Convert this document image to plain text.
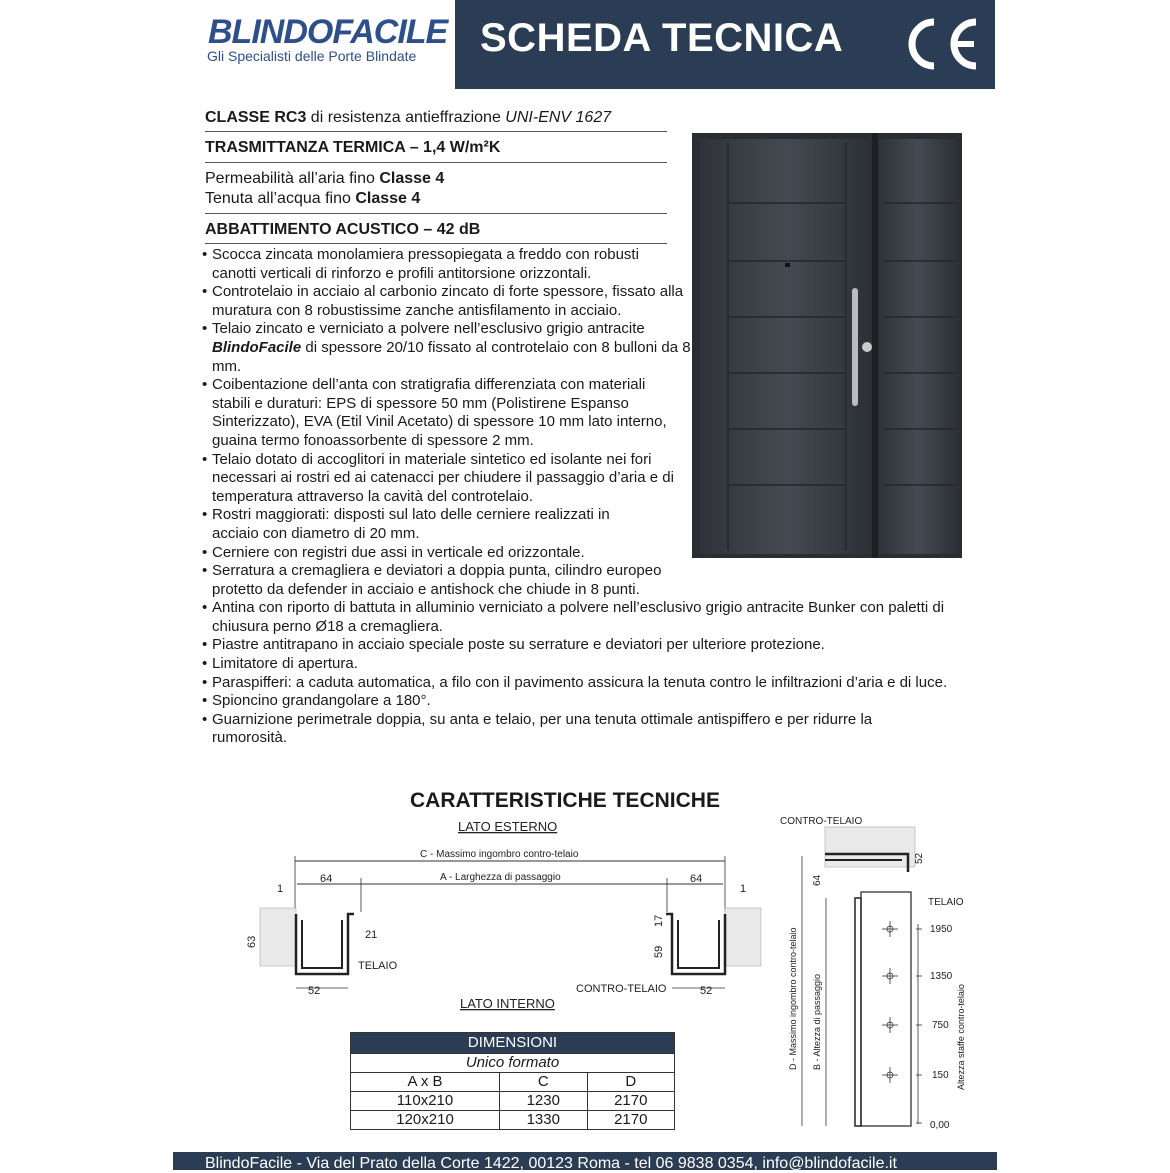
BLINDOFACILE
Gli Specialisti delle Porte Blindate SCHEDA TECNICA
CLASSE RC3 di resistenza antieffrazione UNI-ENV 1627
TRASMITTANZA TERMICA – 1,4 W/m²K
Permeabilità all’aria fino Classe 4
Tenuta all’acqua fino Classe 4
ABBATTIMENTO ACUSTICO – 42 dB
• Scocca zincata monolamiera pressopiegata a freddo con robusti canotti verticali di rinforzo e profili antitorsione orizzontali.
• Controtelaio in acciaio al carbonio zincato di forte spessore, fissato alla muratura con 8 robustissime zanche antisfilamento in acciaio.
• Telaio zincato e verniciato a polvere nell’esclusivo grigio antracite BlindoFacile di spessore 20/10 fissato al controtelaio con 8 bulloni da 8 mm.
• Coibentazione dell’anta con stratigrafia differenziata con materiali stabili e duraturi: EPS di spessore 50 mm (Polistirene Espanso Sinterizzato), EVA (Etil Vinil Acetato) di spessore 10 mm lato interno, guaina termo fonoassorbente di spessore 2 mm.
• Telaio dotato di accoglitori in materiale sintetico ed isolante nei fori necessari ai rostri ed ai catenacci per chiudere il passaggio d’aria e di temperatura attraverso la cavità del controtelaio.
• Rostri maggiorati: disposti sul lato delle cerniere realizzati in acciaio con diametro di 20 mm.
• Cerniere con registri due assi in verticale ed orizzontale.
• Serratura a cremagliera e deviatori a doppia punta, cilindro europeo protetto da defender in acciaio e antishock che chiude in 8 punti.
• Antina con riporto di battuta in alluminio verniciato a polvere nell’esclusivo grigio antracite Bunker con paletti di chiusura perno Ø18 a cremagliera.
• Piastre antitrapano in acciaio speciale poste su serrature e deviatori per ulteriore protezione.
• Limitatore di apertura.
• Paraspifferi: a caduta automatica, a filo con il pavimento assicura la tenuta contro le infiltrazioni d’aria e di luce.
• Spioncino grandangolare a 180°.
• Guarnizione perimetrale doppia, su anta e telaio, per una tenuta ottimale antispiffero e per ridurre la rumorosità.
CARATTERISTICHE TECNICHE
LATO ESTERNO
C - Massimo ingombro contro-telaio
A - Larghezza di passaggio
64	64
1	1
21
63
TELAIO
52
17
59
CONTRO-TELAIO	52
LATO INTERNO
CONTRO-TELAIO
TELAIO
52
64
D - Massimo ingombro contro-telaio B - Altezza di passaggio
1950
1350
750
150
0,00
Altezza staffe contro-telaio
DIMENSIONI		
Unico formato		
A x B	C	D
110x210	1230	2170
120x210	1330	2170
BlindoFacile - Via del Prato della Corte 1422, 00123 Roma - tel 06 9838 0354, info@blindofacile.it
